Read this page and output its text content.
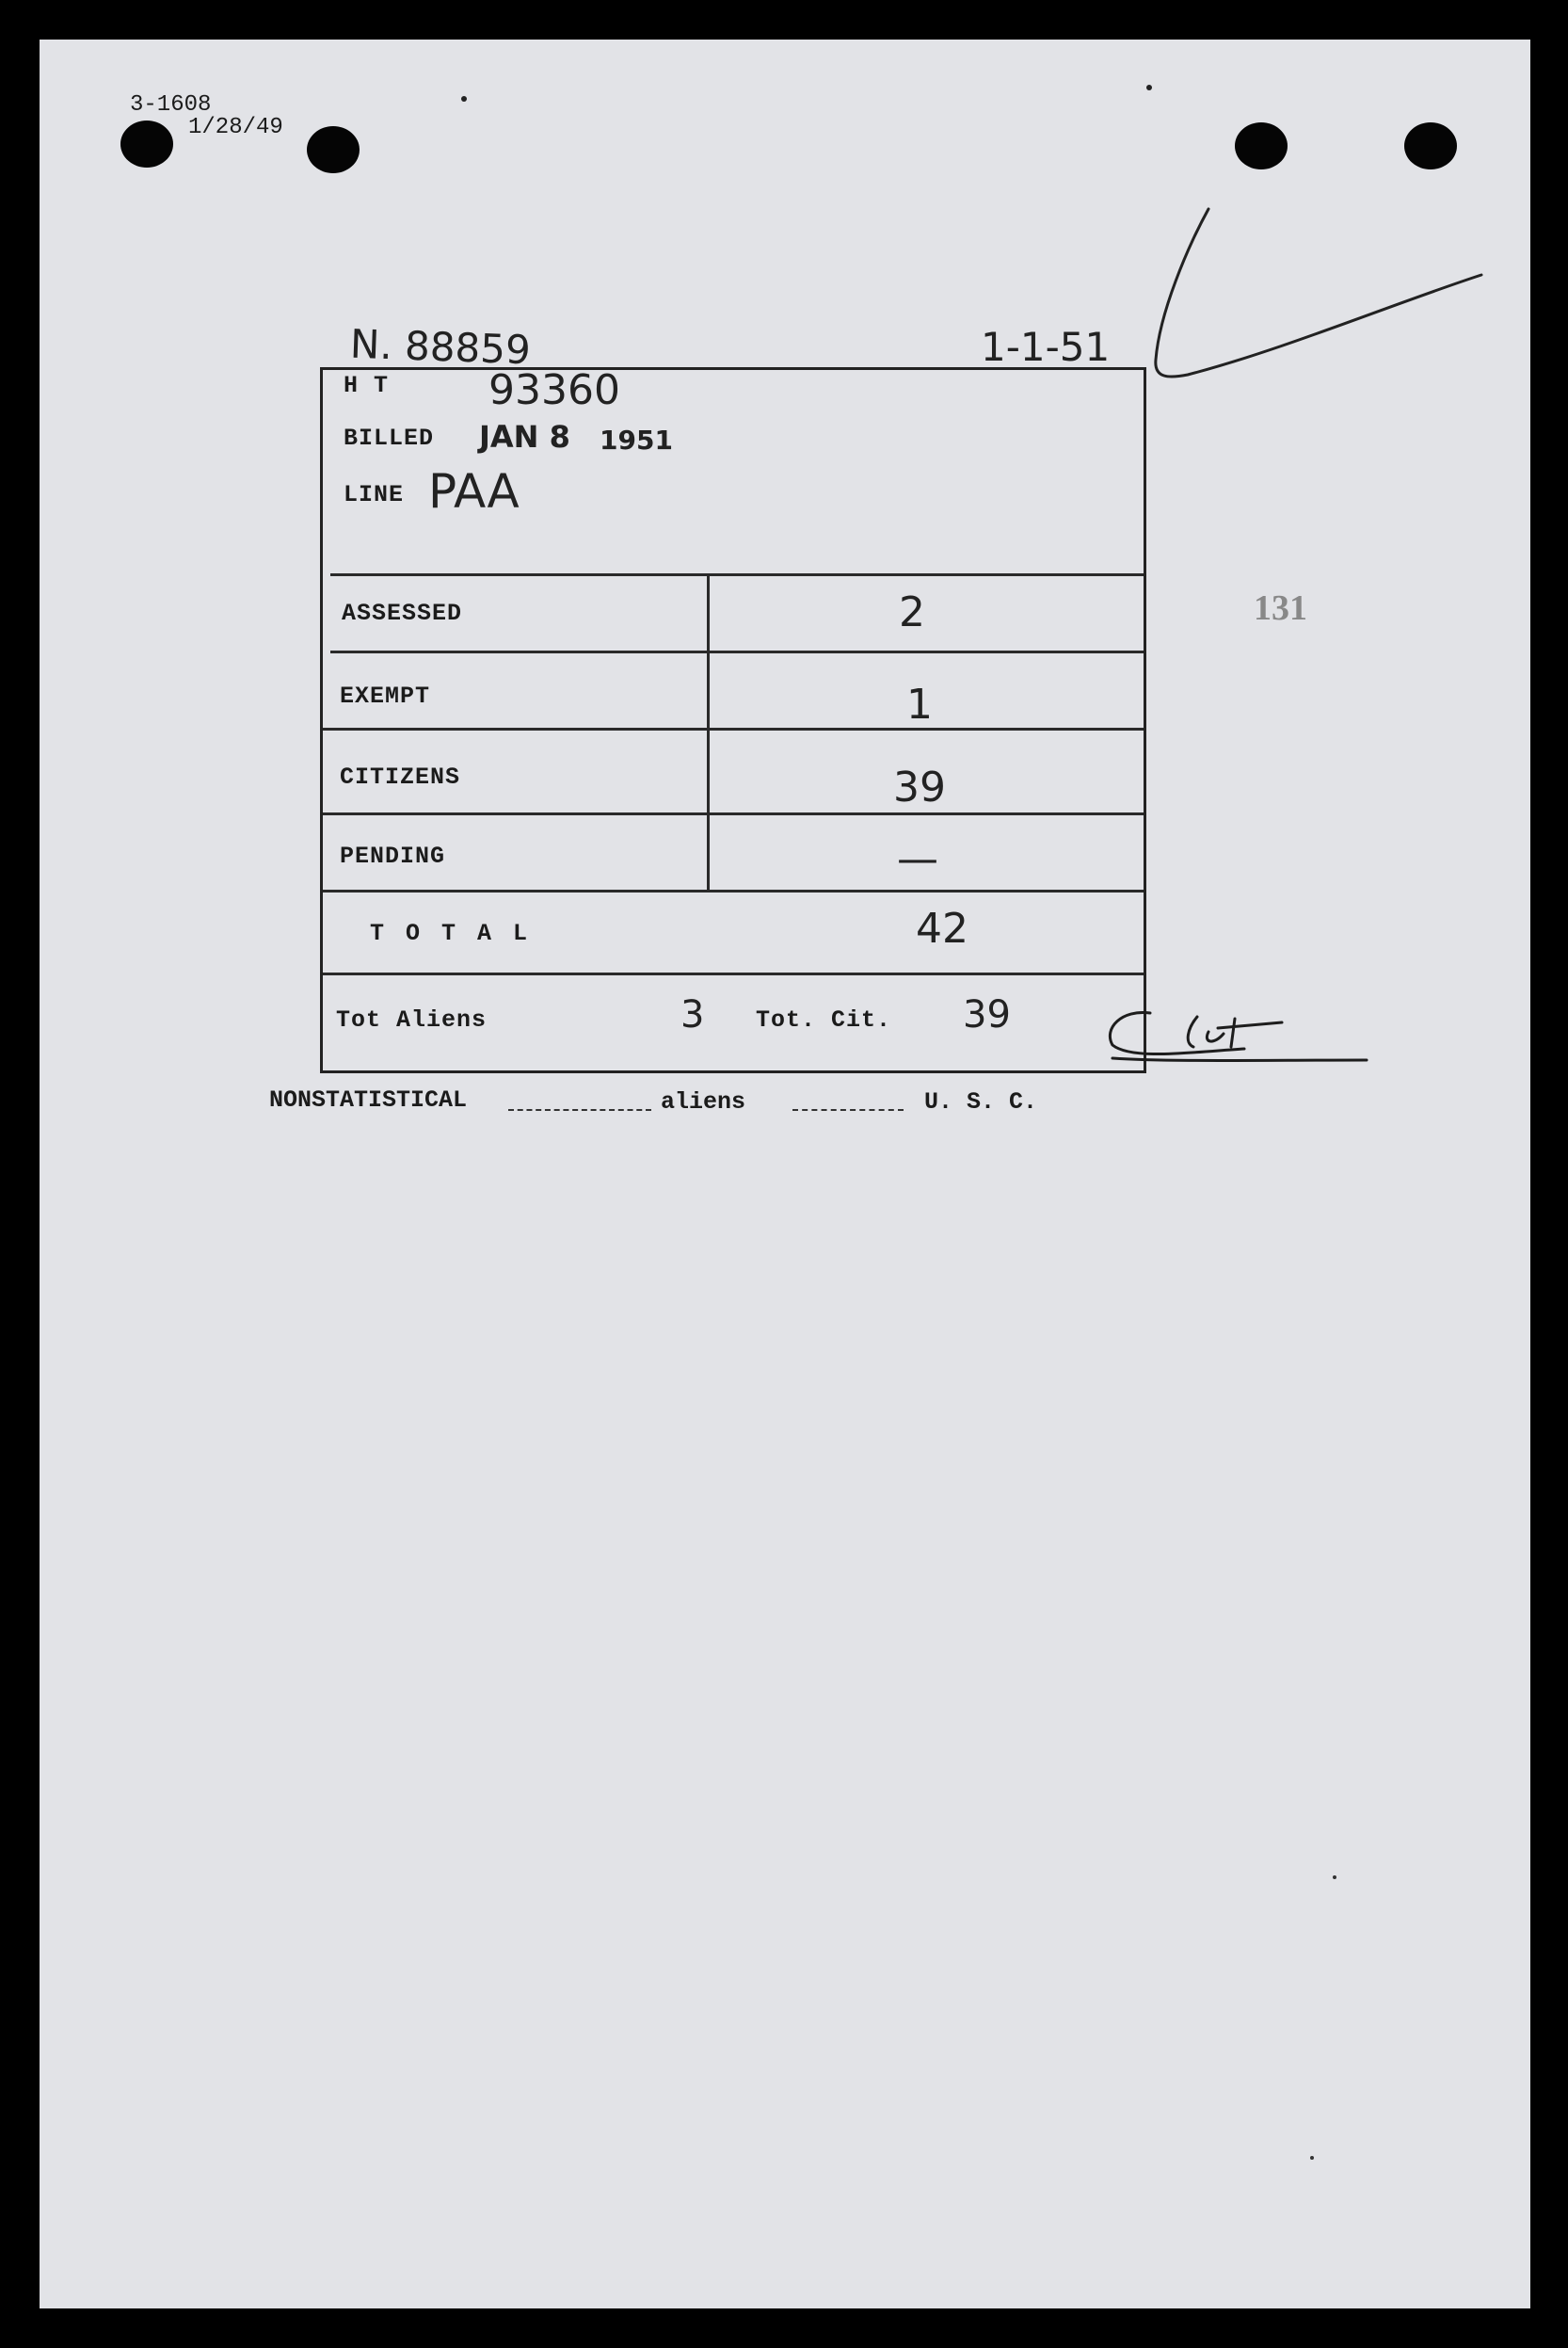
3-1608
1/28/49
N. 88859	1-1-51
131
H T 93360
BILLED JAN 8 1951
LINE PAA
ASSESSED	2
EXEMPT	1
CITIZENS	39
PENDING	—
T O T A L	42
Tot Aliens	3 Tot. Cit. 39
NONSTATISTICAL	aliens	U. S. C.
